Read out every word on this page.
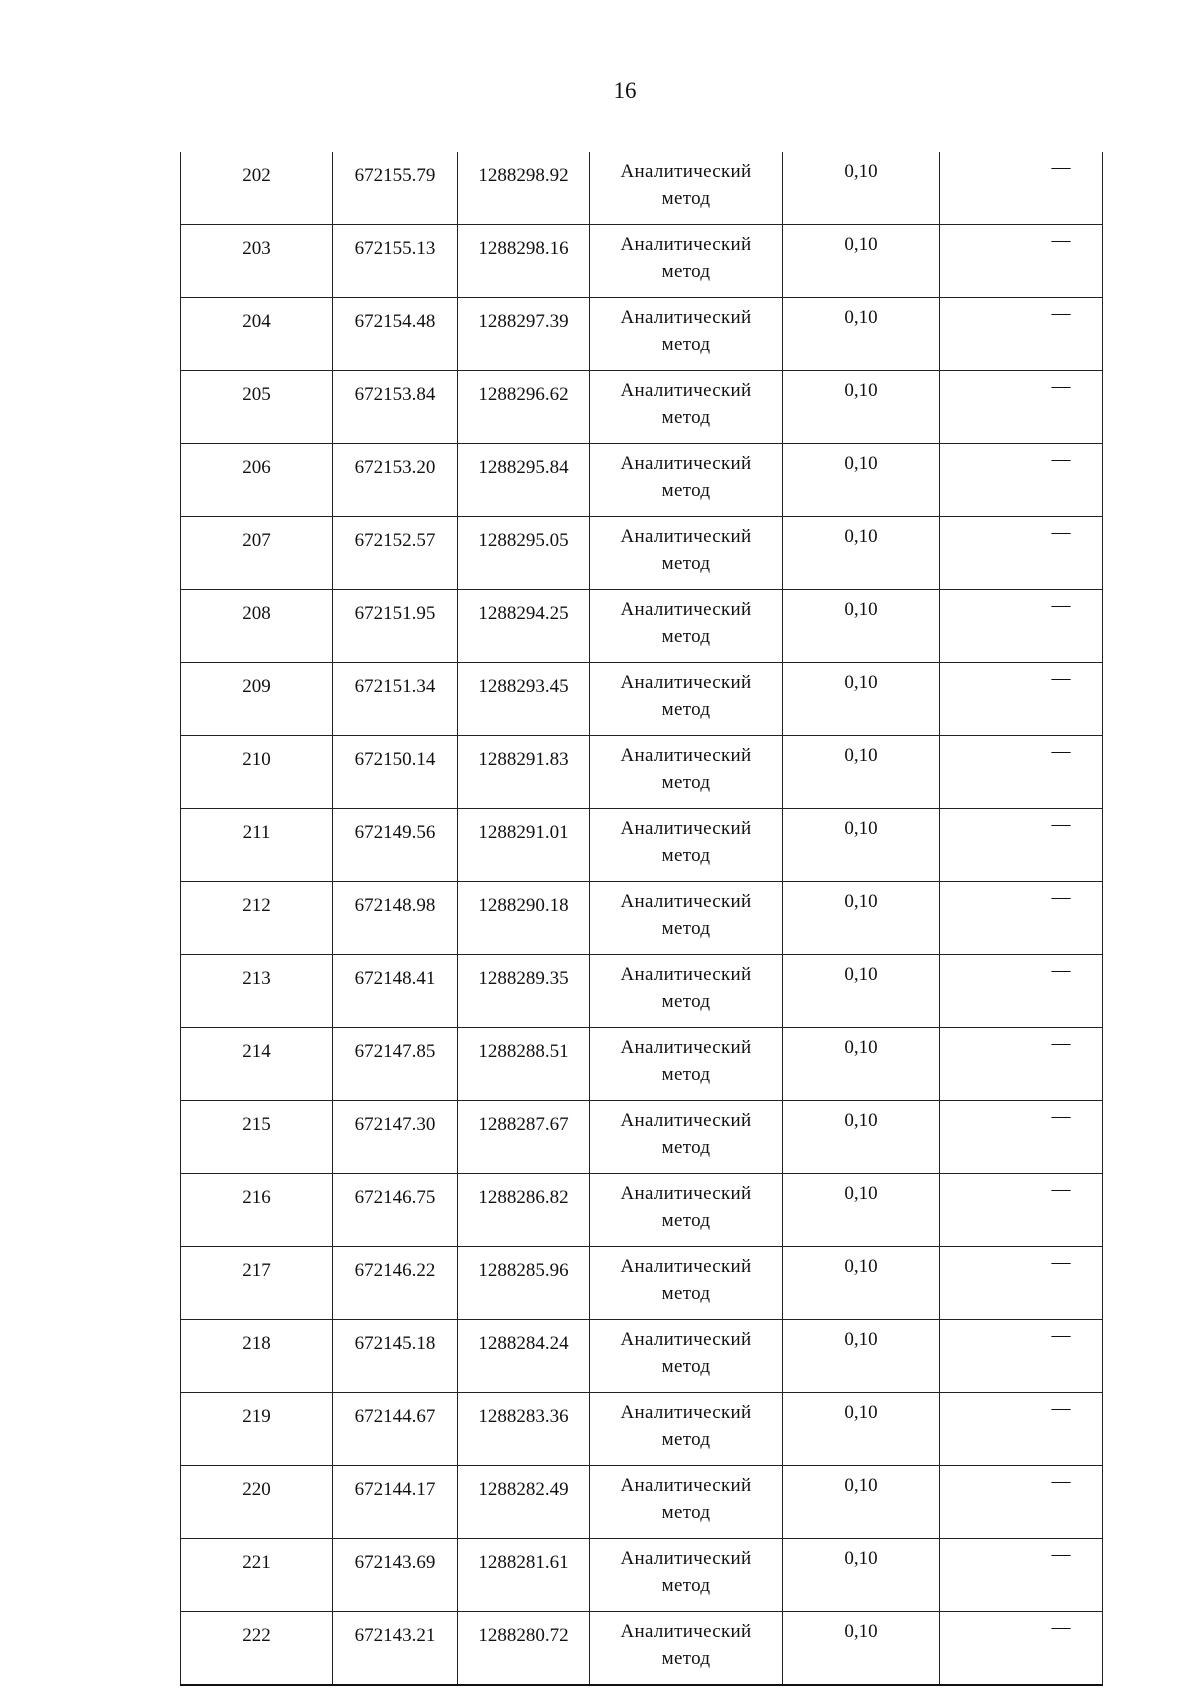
16
202	672155.79	1288298.92	Аналитический
метод	0,10	—
203	672155.13	1288298.16	Аналитический
метод	0,10	—
204	672154.48	1288297.39	Аналитический
метод	0,10	—
205	672153.84	1288296.62	Аналитический
метод	0,10	—
206	672153.20	1288295.84	Аналитический
метод	0,10	—
207	672152.57	1288295.05	Аналитический
метод	0,10	—
208	672151.95	1288294.25	Аналитический
метод	0,10	—
209	672151.34	1288293.45	Аналитический
метод	0,10	—
210	672150.14	1288291.83	Аналитический
метод	0,10	—
211	672149.56	1288291.01	Аналитический
метод	0,10	—
212	672148.98	1288290.18	Аналитический
метод	0,10	—
213	672148.41	1288289.35	Аналитический
метод	0,10	—
214	672147.85	1288288.51	Аналитический
метод	0,10	—
215	672147.30	1288287.67	Аналитический
метод	0,10	—
216	672146.75	1288286.82	Аналитический
метод	0,10	—
217	672146.22	1288285.96	Аналитический
метод	0,10	—
218	672145.18	1288284.24	Аналитический
метод	0,10	—
219	672144.67	1288283.36	Аналитический
метод	0,10	—
220	672144.17	1288282.49	Аналитический
метод	0,10	—
221	672143.69	1288281.61	Аналитический
метод	0,10	—
222	672143.21	1288280.72	Аналитический
метод	0,10	—
